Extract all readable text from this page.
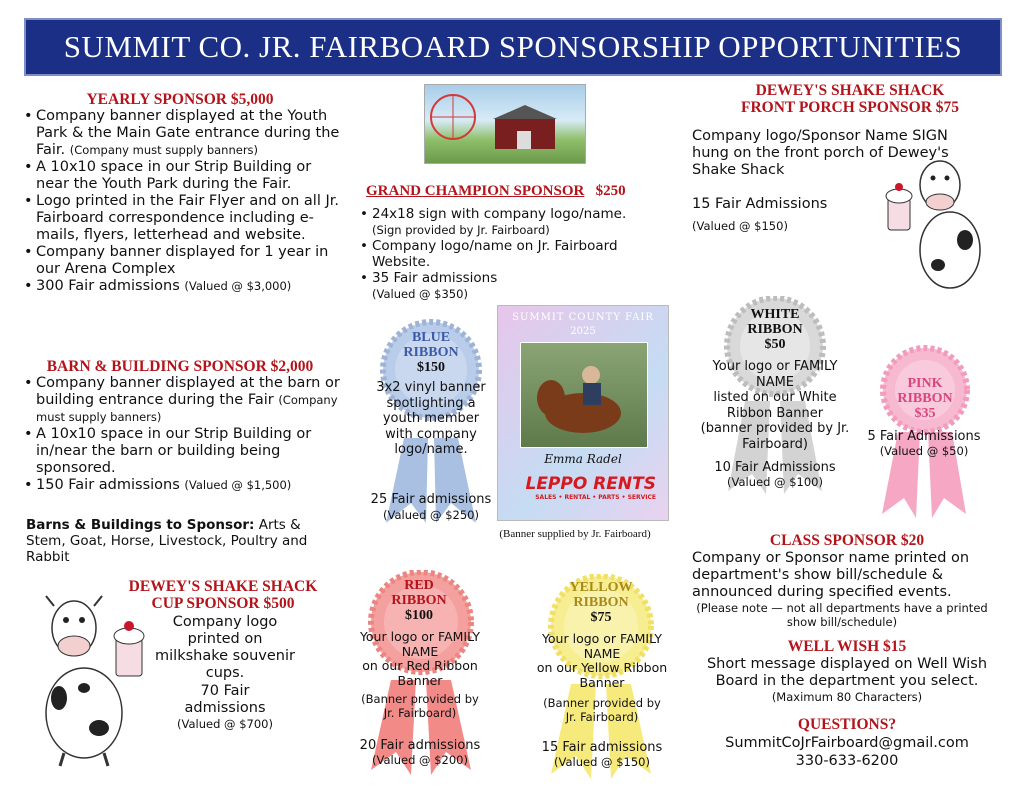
SUMMIT CO. JR. FAIRBOARD SPONSORSHIP OPPORTUNITIES
YEARLY SPONSOR $5,000
• Company banner displayed at the Youth Park & the Main Gate entrance during the Fair. (Company must supply banners)
• A 10x10 space in our Strip Building or near the Youth Park during the Fair.
• Logo printed in the Fair Flyer and on all Jr. Fairboard correspondence including e-mails, flyers, letterhead and website.
• Company banner displayed for 1 year in our Arena Complex
• 300 Fair admissions (Valued @ $3,000)
BARN & BUILDING SPONSOR $2,000
• Company banner displayed at the barn or building entrance during the Fair (Company must supply banners)
• A 10x10 space in our Strip Building or in/near the barn or building being sponsored.
• 150 Fair admissions (Valued @ $1,500)
Barns & Buildings to Sponsor: Arts & Stem, Goat, Horse, Livestock, Poultry and Rabbit
DEWEY'S SHAKE SHACK
CUP SPONSOR $500
Company logo printed on milkshake souvenir cups.
70 Fair admissions
(Valued @ $700)
GRAND CHAMPION SPONSOR $250
• 24x18 sign with company logo/name.
(Sign provided by Jr. Fairboard)
• Company logo/name on Jr. Fairboard Website.
• 35 Fair admissions
(Valued @ $350)
BLUE
RIBBON
$150
3x2 vinyl banner spotlighting a youth member with company logo/name.
25 Fair admissions
(Valued @ $250)
SUMMIT COUNTY FAIR
2025
Emma Radel
LEPPO RENTS
SALES • RENTAL • PARTS • SERVICE
(Banner supplied by Jr. Fairboard)
RED
RIBBON
$100
Your logo or FAMILY NAME
on our Red Ribbon Banner
(Banner provided by Jr. Fairboard)
20 Fair admissions
(Valued @ $200)
YELLOW
RIBBON
$75
Your logo or FAMILY NAME
on our Yellow Ribbon Banner
(Banner provided by Jr. Fairboard)
15 Fair admissions
(Valued @ $150)
DEWEY'S SHAKE SHACK
FRONT PORCH SPONSOR $75
Company logo/Sponsor Name SIGN hung on the front porch of Dewey's Shake Shack
15 Fair Admissions
(Valued @ $150)
WHITE
RIBBON
$50
Your logo or FAMILY NAME
listed on our White Ribbon Banner
(banner provided by Jr. Fairboard)
10 Fair Admissions
(Valued @ $100)
PINK
RIBBON
$35
5 Fair Admissions
(Valued @ $50)
CLASS SPONSOR $20
Company or Sponsor name printed on department's show bill/schedule & announced during specified events.
(Please note — not all departments have a printed show bill/schedule)
WELL WISH $15
Short message displayed on Well Wish Board in the department you select.
(Maximum 80 Characters)
QUESTIONS?
SummitCoJrFairboard@gmail.com
330-633-6200
